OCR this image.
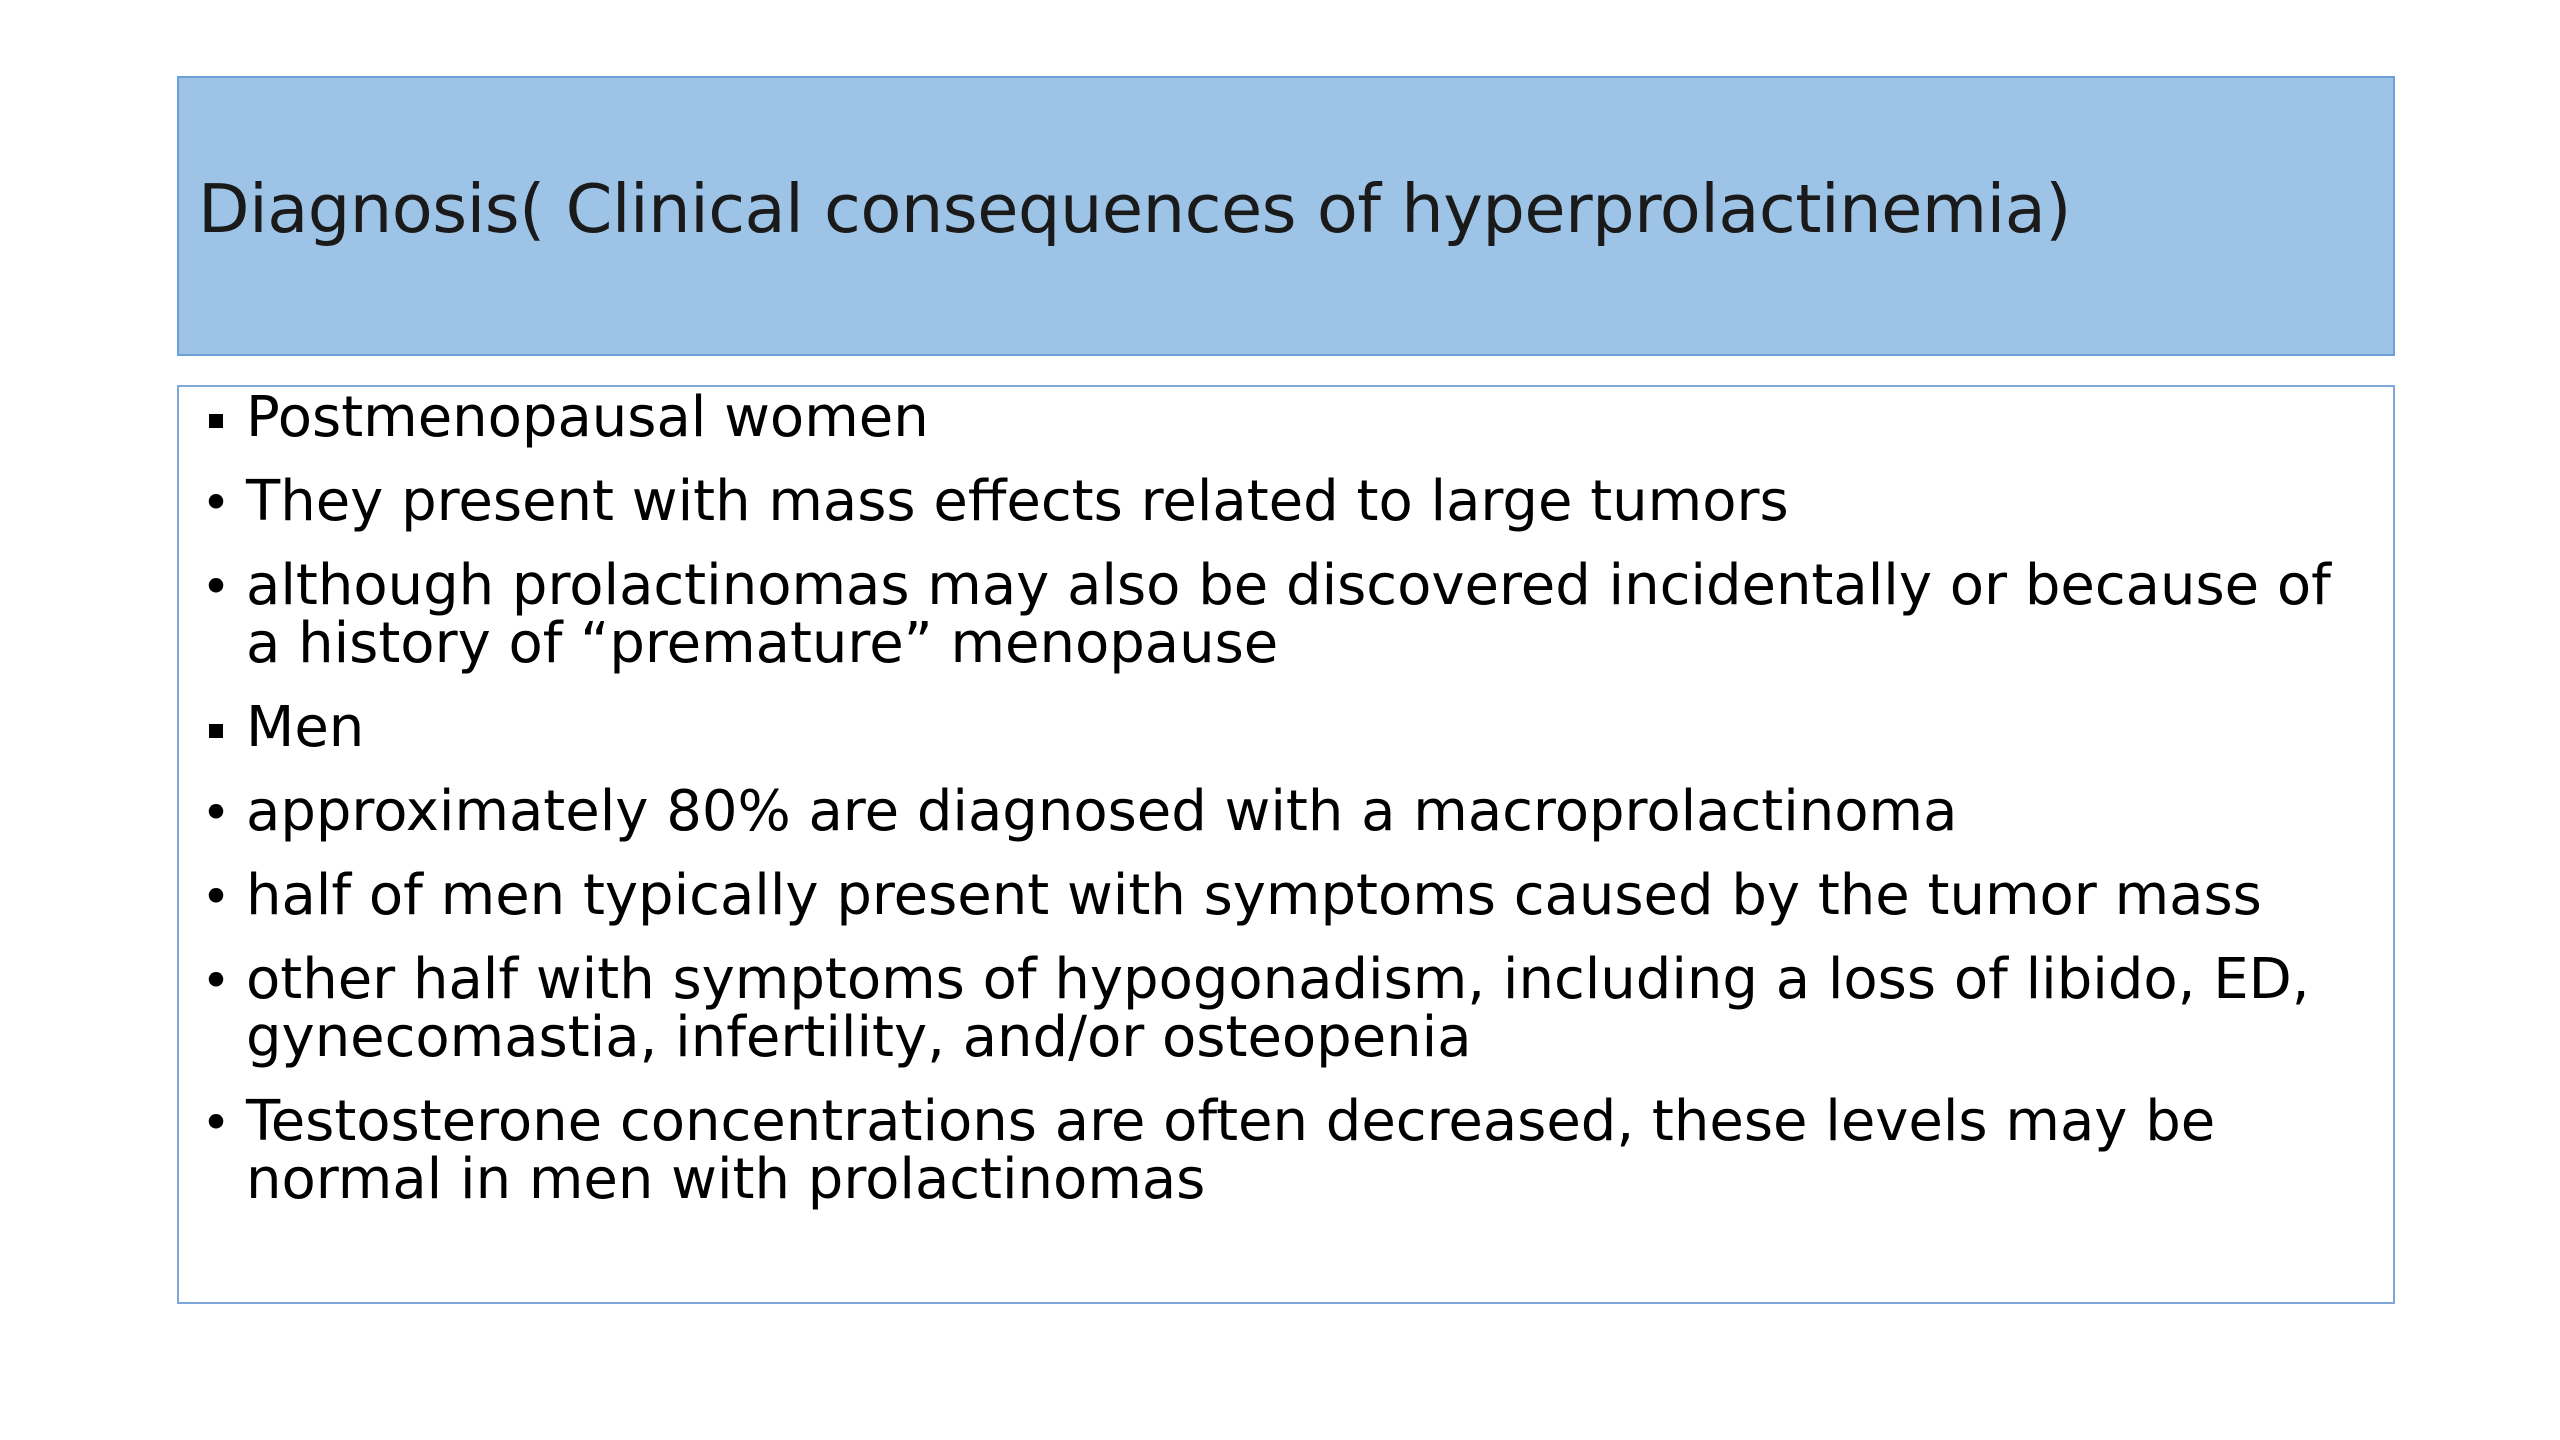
Diagnosis( Clinical consequences of hyperprolactinemia)
Postmenopausal women
•
They present with mass effects related to large tumors
•
although prolactinomas may also be discovered incidentally or because of a history of “premature” menopause
Men
•
approximately 80% are diagnosed with a macroprolactinoma
•
half of men typically present with symptoms caused by the tumor mass
•
other half with symptoms of hypogonadism, including a loss of libido, ED, gynecomastia, infertility, and/or osteopenia
•
Testosterone concentrations are often decreased, these levels may be normal in men with prolactinomas
